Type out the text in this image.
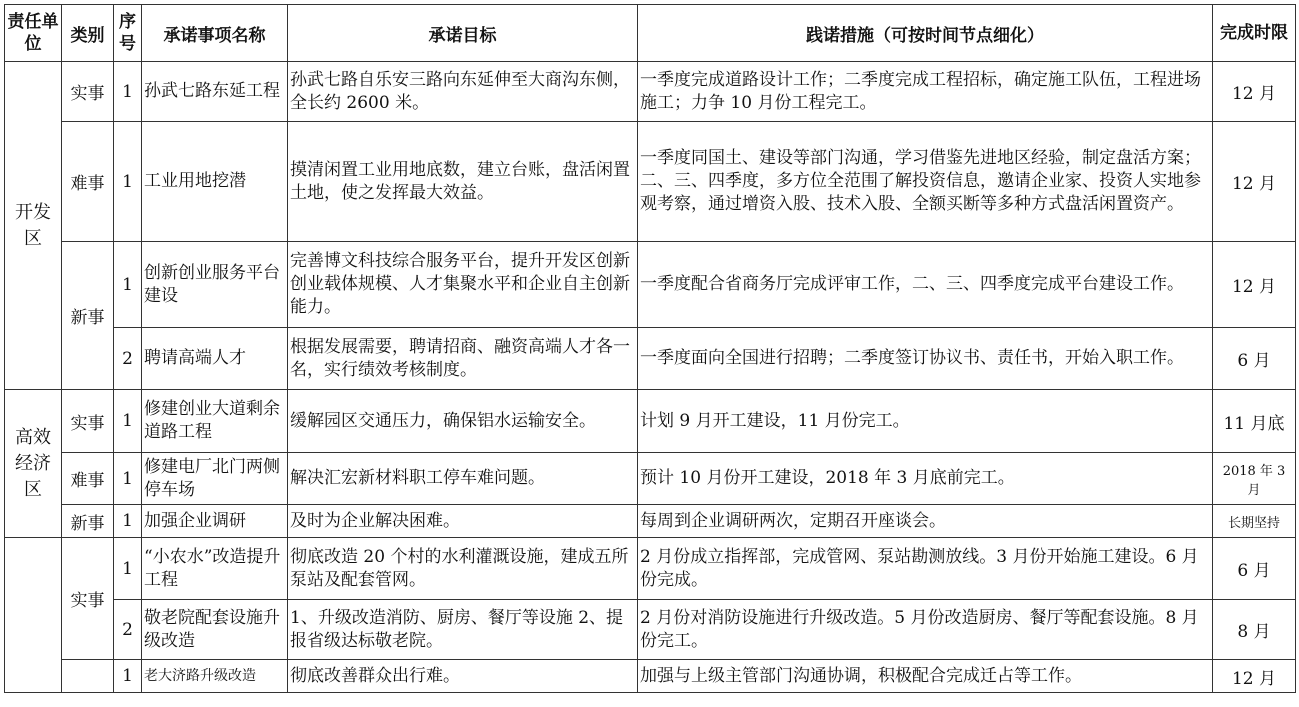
责任单位	类别	序号	承诺事项名称	承诺目标	践诺措施（可按时间节点细化）	完成时限
开发区	实事	1	孙武七路东延工程	孙武七路自乐安三路向东延伸至大商沟东侧，全长约 2600 米。	一季度完成道路设计工作；二季度完成工程招标，确定施工队伍，工程进场施工；力争 10 月份工程完工。	12 月
	难事	1	工业用地挖潜	摸清闲置工业用地底数，建立台账，盘活闲置土地，使之发挥最大效益。	一季度同国土、建设等部门沟通，学习借鉴先进地区经验，制定盘活方案；二、三、四季度，多方位全范围了解投资信息，邀请企业家、投资人实地参观考察，通过增资入股、技术入股、全额买断等多种方式盘活闲置资产。	12 月
	新事	1	创新创业服务平台建设	完善博文科技综合服务平台，提升开发区创新创业载体规模、人才集聚水平和企业自主创新能力。	一季度配合省商务厅完成评审工作，二、三、四季度完成平台建设工作。	12 月
		2	聘请高端人才	根据发展需要，聘请招商、融资高端人才各一名，实行绩效考核制度。	一季度面向全国进行招聘；二季度签订协议书、责任书，开始入职工作。	6 月
高效经济区	实事	1	修建创业大道剩余道路工程	缓解园区交通压力，确保铝水运输安全。	计划 9 月开工建设，11 月份完工。	11 月底
	难事	1	修建电厂北门两侧停车场	解决汇宏新材料职工停车难问题。	预计 10 月份开工建设，2018 年 3 月底前完工。	2018 年 3 月
	新事	1	加强企业调研	及时为企业解决困难。	每周到企业调研两次，定期召开座谈会。	长期坚持
	实事	1	“小农水”改造提升工程	彻底改造 20 个村的水利灌溉设施，建成五所泵站及配套管网。	2 月份成立指挥部，完成管网、泵站勘测放线。3 月份开始施工建设。6 月份完成。	6 月
		2	敬老院配套设施升级改造	1、升级改造消防、厨房、餐厅等设施 2、提报省级达标敬老院。	2 月份对消防设施进行升级改造。5 月份改造厨房、餐厅等配套设施。8 月份完工。	8 月
		1	老大济路升级改造	彻底改善群众出行难。	加强与上级主管部门沟通协调，积极配合完成迁占等工作。	12 月
